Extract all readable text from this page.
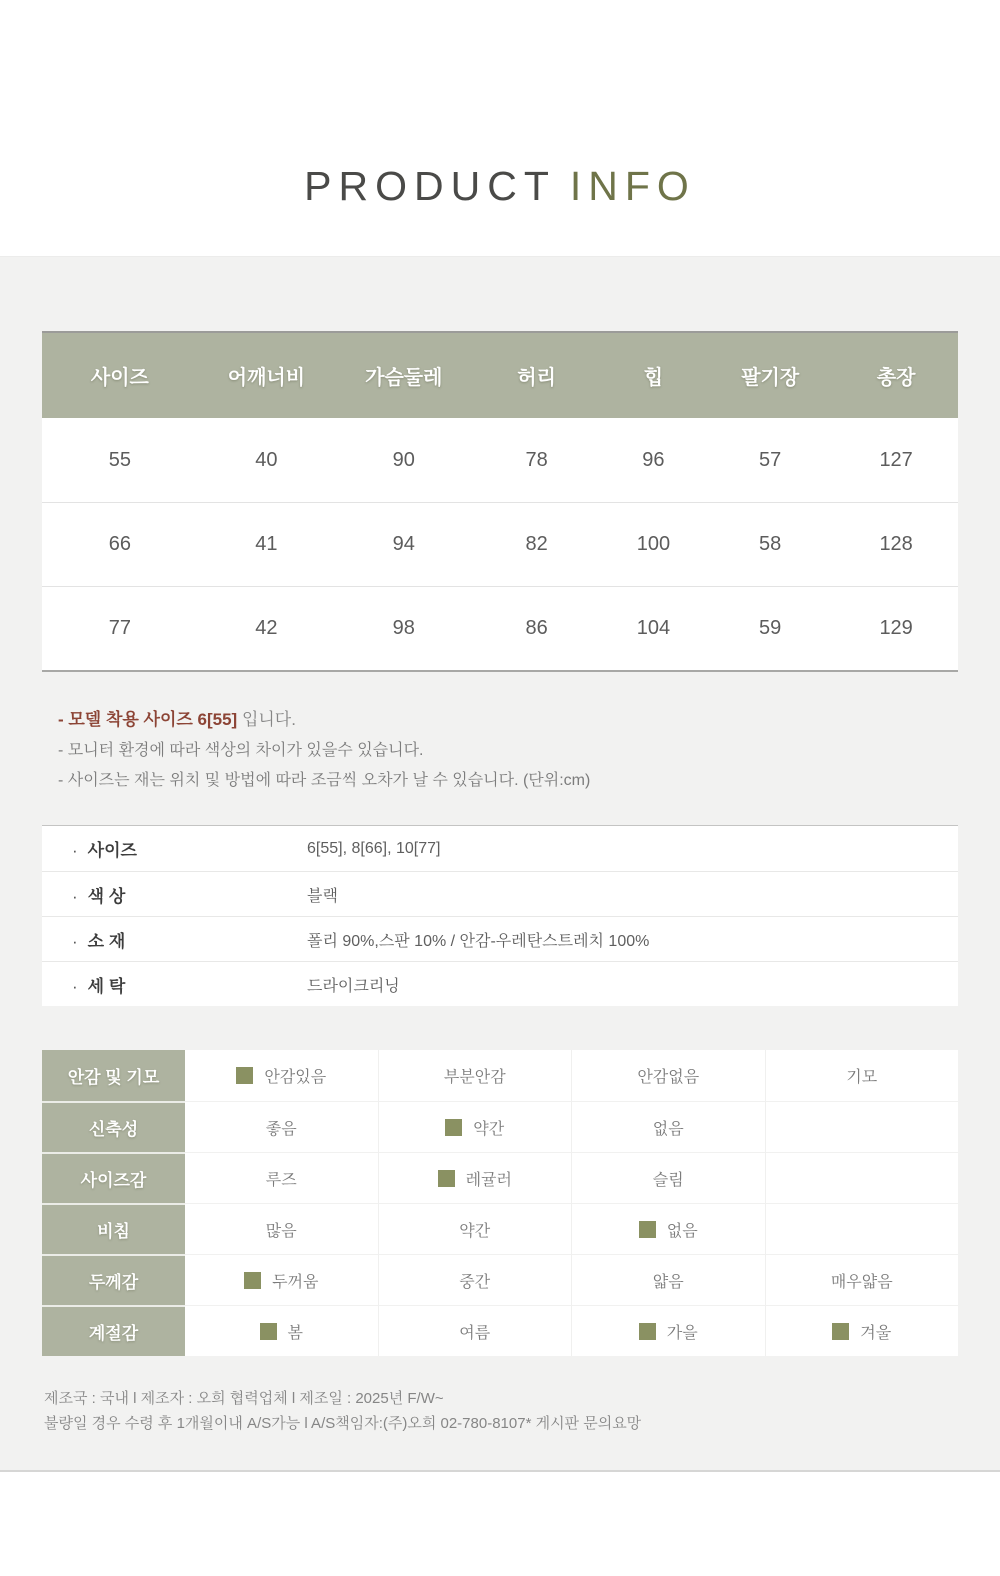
PRODUCT INFO
사이즈	어깨너비	가슴둘레	허리	힙	팔기장	총장
55	40	90	78	96	57	127
66	41	94	82	100	58	128
77	42	98	86	104	59	129

- 모델 착용 사이즈 6[55] 입니다.

- 모니터 환경에 따라 색상의 차이가 있을수 있습니다.

- 사이즈는 재는 위치 및 방법에 따라 조금씩 오차가 날 수 있습니다. (단위:cm)

· 사이즈	6[55], 8[66], 10[77]
· 색 상	블랙
· 소 재	폴리 90%,스판 10% / 안감-우레탄스트레치 100%
· 세 탁	드라이크리닝
안감 및 기모	안감있음	부분안감	안감없음	기모
신축성	좋음	약간	없음
사이즈감	루즈	레귤러	슬림
비침	많음	약간	없음
두께감	두꺼움	중간	얇음	매우얇음
계절감	봄	여름	가을	겨울

제조국 : 국내 l 제조자 : 오희 협력업체 l 제조일 : 2025년 F/W~

불량일 경우 수령 후 1개월이내 A/S가능 l A/S책임자:(주)오희 02-780-8107* 게시판 문의요망
